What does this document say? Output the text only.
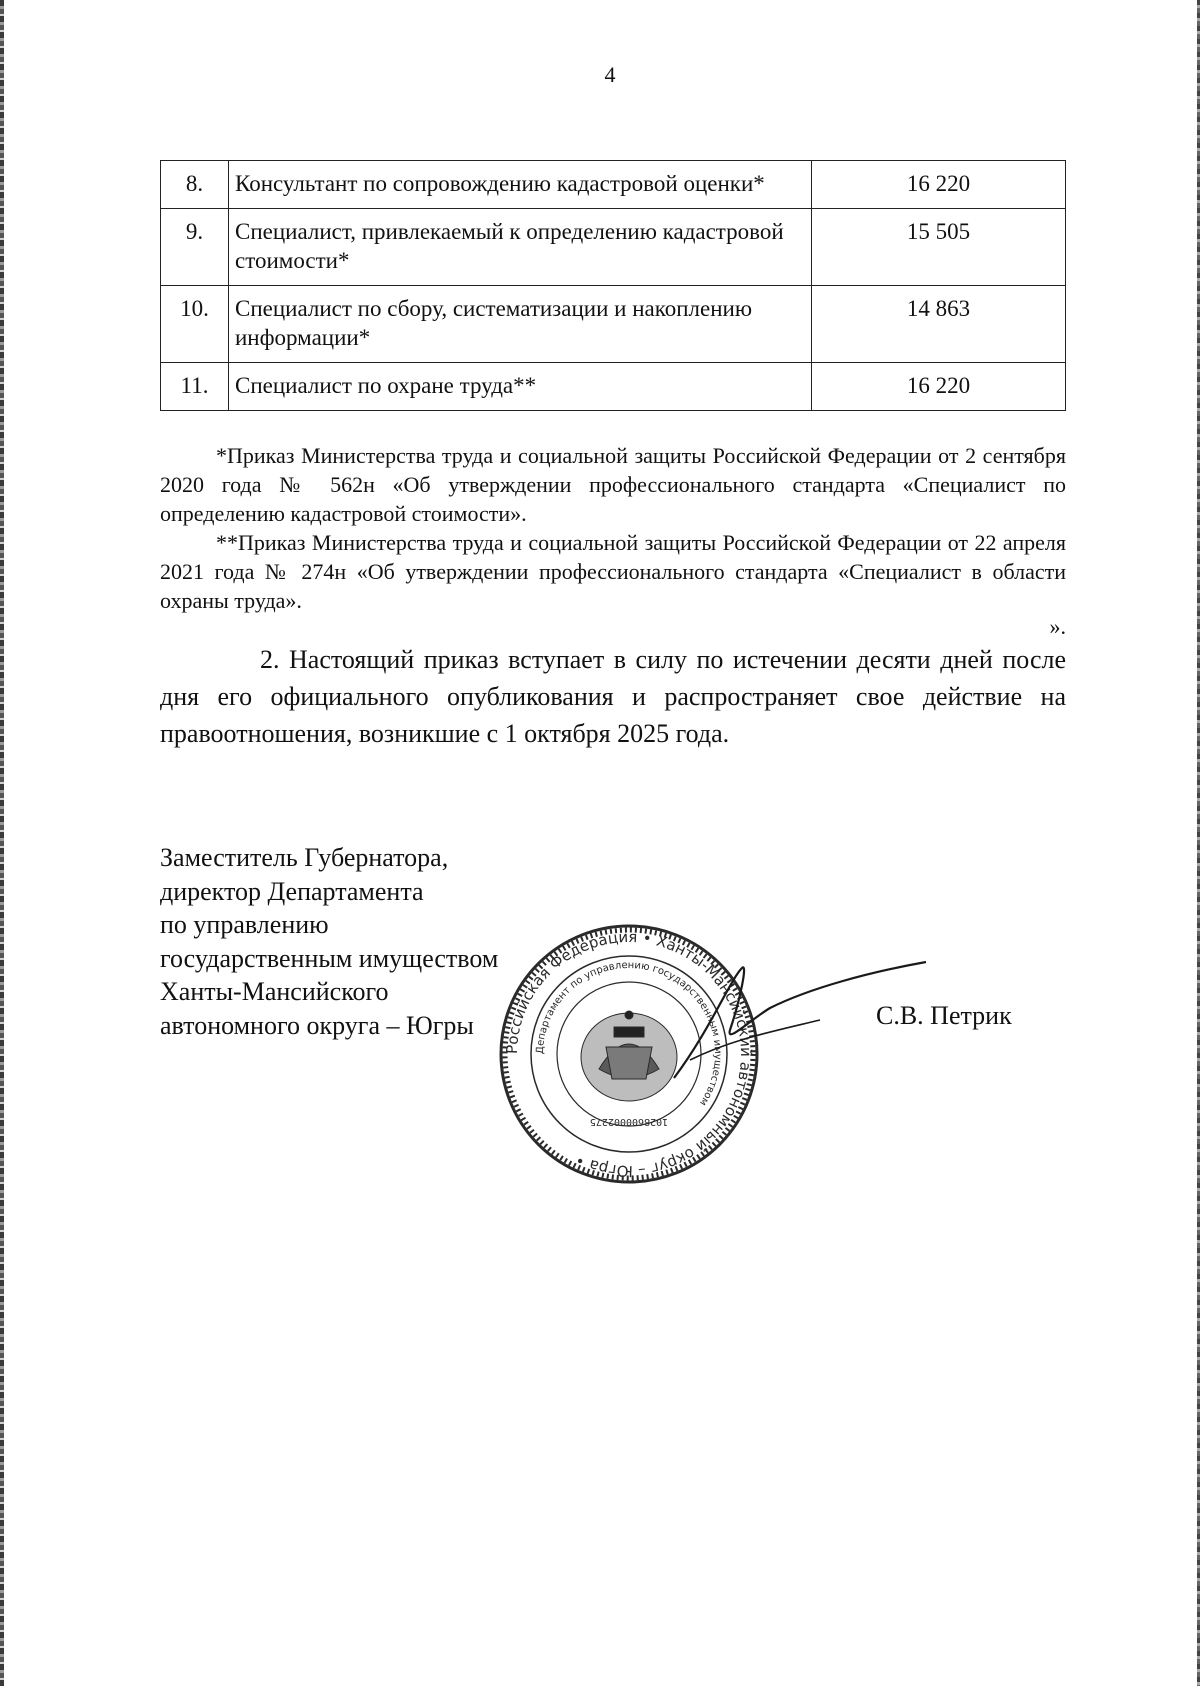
4
8.	Консультант по сопровождению кадастровой оценки*	16 220
9.	Специалист, привлекаемый к определению кадастровой стоимости*	15 505
10.	Специалист по сбору, систематизации и накоплению информации*	14 863
11.	Специалист по охране труда**	16 220

*Приказ Министерства труда и социальной защиты Российской Федерации от 2 сентября 2020 года № 562н «Об утверждении профессионального стандарта «Специалист по определению кадастровой стоимости».

**Приказ Министерства труда и социальной защиты Российской Федерации от 22 апреля 2021 года № 274н «Об утверждении профессионального стандарта «Специалист в области охраны труда».

».

2. Настоящий приказ вступает в силу по истечении десяти дней после дня его официального опубликования и распространяет свое действие на правоотношения, возникшие с 1 октября 2025 года.

Заместитель Губернатора,
директор Департамента
по управлению
государственным имуществом
Ханты-Мансийского
автономного округа – Югры
Российская Федерация • Ханты-Мансийский автономный округ – Югра •
Департамент по управлению государственным имуществом
1028600002275
С.В. Петрик
